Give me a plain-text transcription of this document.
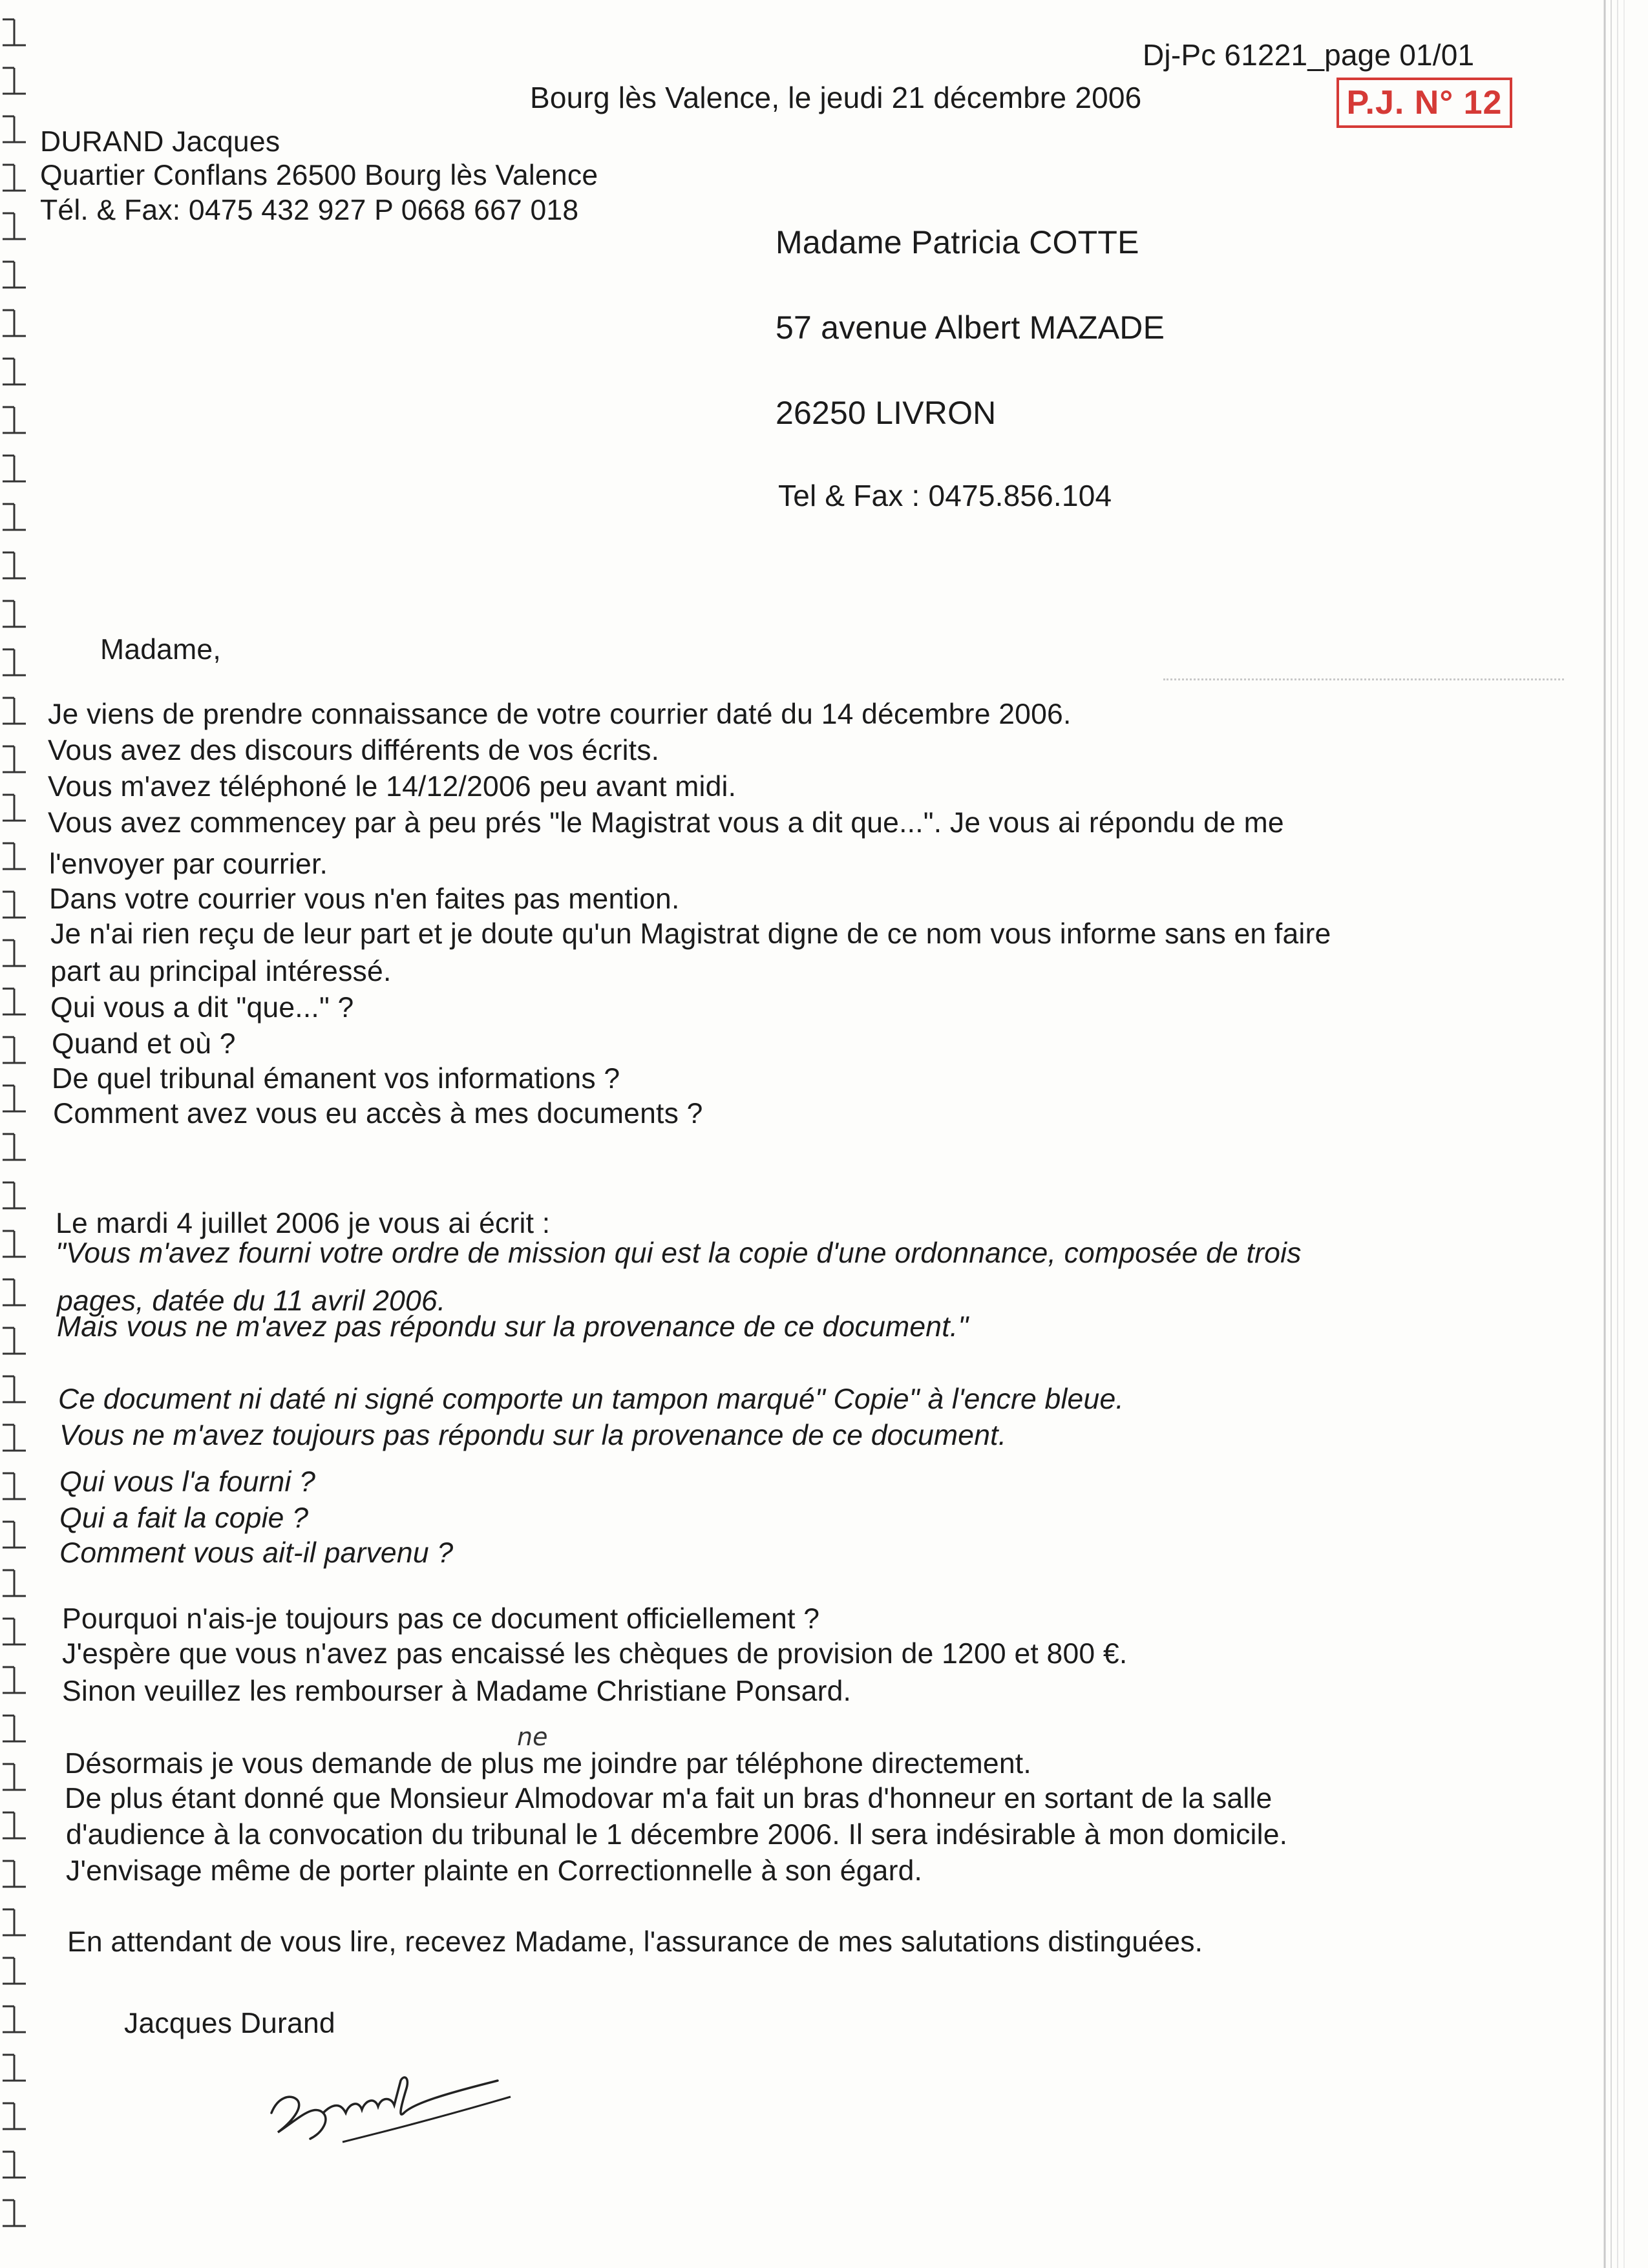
Dj-Pc 61221_page 01/01
Bourg lès Valence, le jeudi 21 décembre 2006	P.J. N° 12
DURAND Jacques
Quartier Conflans 26500 Bourg lès Valence
Tél. & Fax: 0475 432 927 P 0668 667 018
Madame Patricia COTTE
57 avenue Albert MAZADE
26250 LIVRON
Tel & Fax : 0475.856.104
Madame,
Je viens de prendre connaissance de votre courrier daté du 14 décembre 2006.
Vous avez des discours différents de vos écrits.
Vous m'avez téléphoné le 14/12/2006 peu avant midi.
Vous avez commencey par à peu prés "le Magistrat vous a dit que...". Je vous ai répondu de me
l'envoyer par courrier.
Dans votre courrier vous n'en faites pas mention.
Je n'ai rien reçu de leur part et je doute qu'un Magistrat digne de ce nom vous informe sans en faire
part au principal intéressé.
Qui vous a dit "que..." ?
Quand et où ?
De quel tribunal émanent vos informations ?
Comment avez vous eu accès à mes documents ?
Le mardi 4 juillet 2006 je vous ai écrit :
"Vous m'avez fourni votre ordre de mission qui est la copie d'une ordonnance, composée de trois
pages, datée du 11 avril 2006.
Mais vous ne m'avez pas répondu sur la provenance de ce document."
Ce document ni daté ni signé comporte un tampon marqué" Copie" à l'encre bleue.
Vous ne m'avez toujours pas répondu sur la provenance de ce document.
Qui vous l'a fourni ?
Qui a fait la copie ?
Comment vous ait-il parvenu ?
Pourquoi n'ais-je toujours pas ce document officiellement ?
J'espère que vous n'avez pas encaissé les chèques de provision de 1200 et 800 €.
Sinon veuillez les rembourser à Madame Christiane Ponsard.
ne
Désormais je vous demande de plus me joindre par téléphone directement.
De plus étant donné que Monsieur Almodovar m'a fait un bras d'honneur en sortant de la salle
d'audience à la convocation du tribunal le 1 décembre 2006. Il sera indésirable à mon domicile.
J'envisage même de porter plainte en Correctionnelle à son égard.
En attendant de vous lire, recevez Madame, l'assurance de mes salutations distinguées.
Jacques Durand
